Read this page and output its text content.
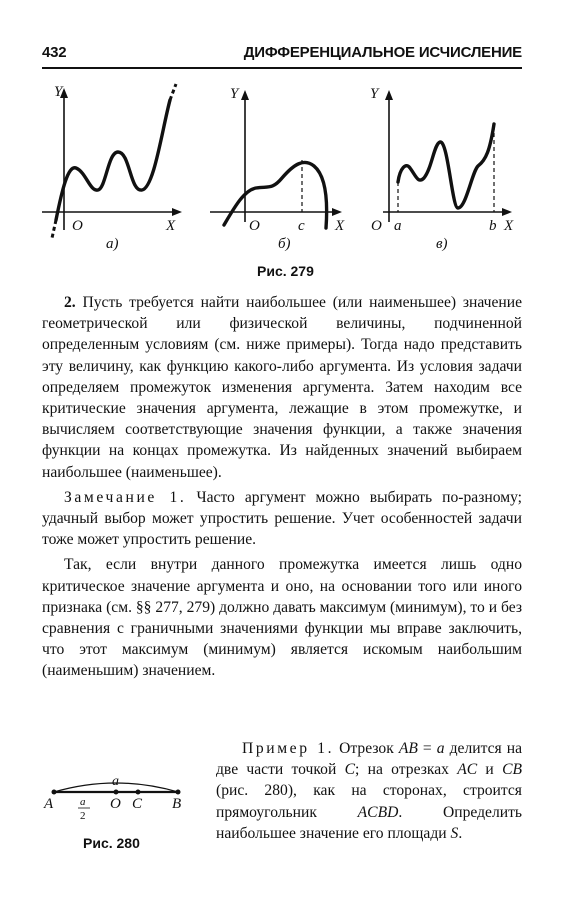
432	ДИФФЕРЕНЦИАЛЬНОЕ ИСЧИСЛЕНИЕ
Y
O	X
а)
Y
O	c X
б)
Y
O a	b X
в)
Рис. 279

2. Пусть требуется найти наибольшее (или наименьшее) значение геометрической или физической величины, подчиненной определенным условиям (см. ниже примеры). Тогда надо представить эту величину, как функцию какого-либо аргумента. Из условия задачи определяем промежуток изменения аргумента. Затем находим все критические значения аргумента, лежащие в этом промежутке, и вычисляем соответствующие значения функции, а также значения функции на концах промежутка. Из найденных значений выбираем наибольшее (наименьшее).

Замечание 1. Часто аргумент можно выбирать по-разному; удачный выбор может упростить решение. Учет особенностей задачи тоже может упростить решение.

Так, если внутри данного промежутка имеется лишь одно критическое значение аргумента и оно, на основании того или иного признака (см. §§ 277, 279) должно давать максимум (минимум), то и без сравнения с граничными значениями функции мы вправе заключить, что этот максимум (минимум) является искомым наибольшим (наименьшим) значением.

Пример 1. Отрезок AB = a делится на две части точкой C; на отрезках AC и CB (рис. 280), как на сторонах, строится прямоугольник ACBD. Определить наибольшее значение его площади S.

a
A a
2
O C B
Рис. 280
